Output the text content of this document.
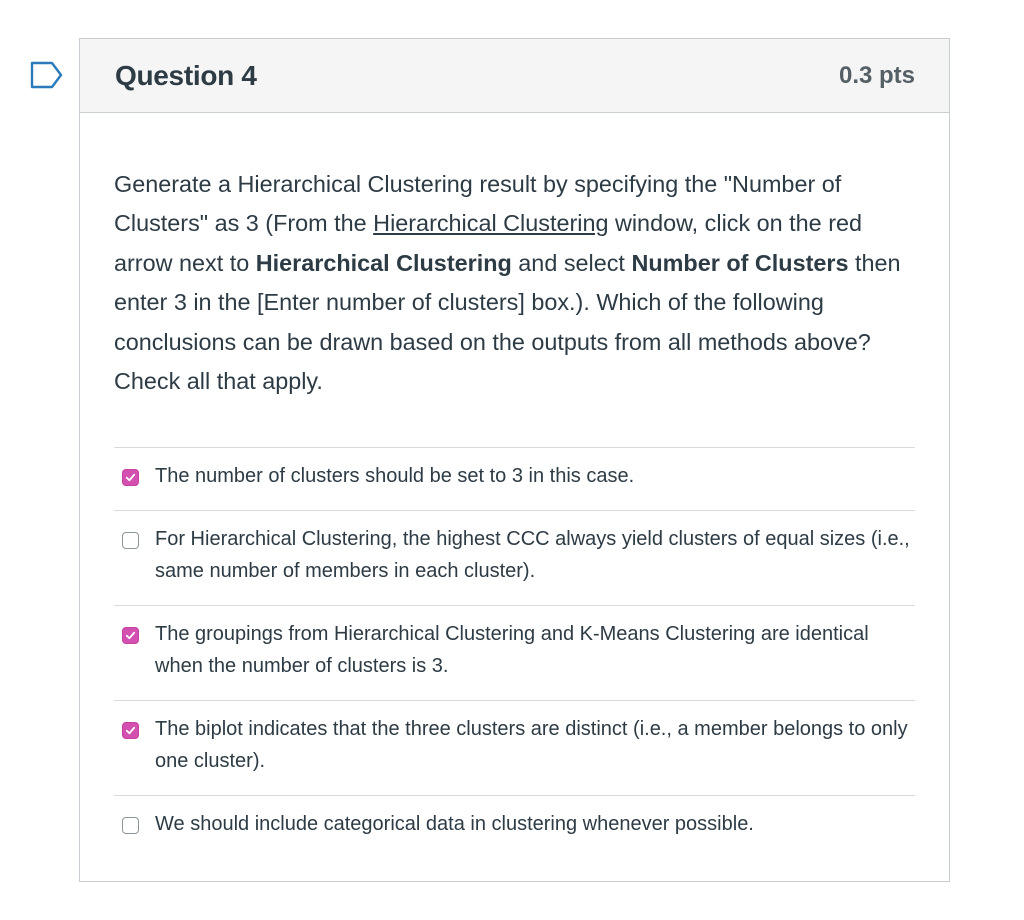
Question 4	0.3 pts

Generate a Hierarchical Clustering result by specifying the "Number of Clusters" as 3 (From the Hierarchical Clustering window, click on the red arrow next to Hierarchical Clustering and select Number of Clusters then enter 3 in the [Enter number of clusters] box.). Which of the following conclusions can be drawn based on the outputs from all methods above? Check all that apply.

The number of clusters should be set to 3 in this case.
For Hierarchical Clustering, the highest CCC always yield clusters of equal sizes (i.e., same number of members in each cluster).
The groupings from Hierarchical Clustering and K-Means Clustering are identical when the number of clusters is 3.
The biplot indicates that the three clusters are distinct (i.e., a member belongs to only one cluster).
We should include categorical data in clustering whenever possible.
